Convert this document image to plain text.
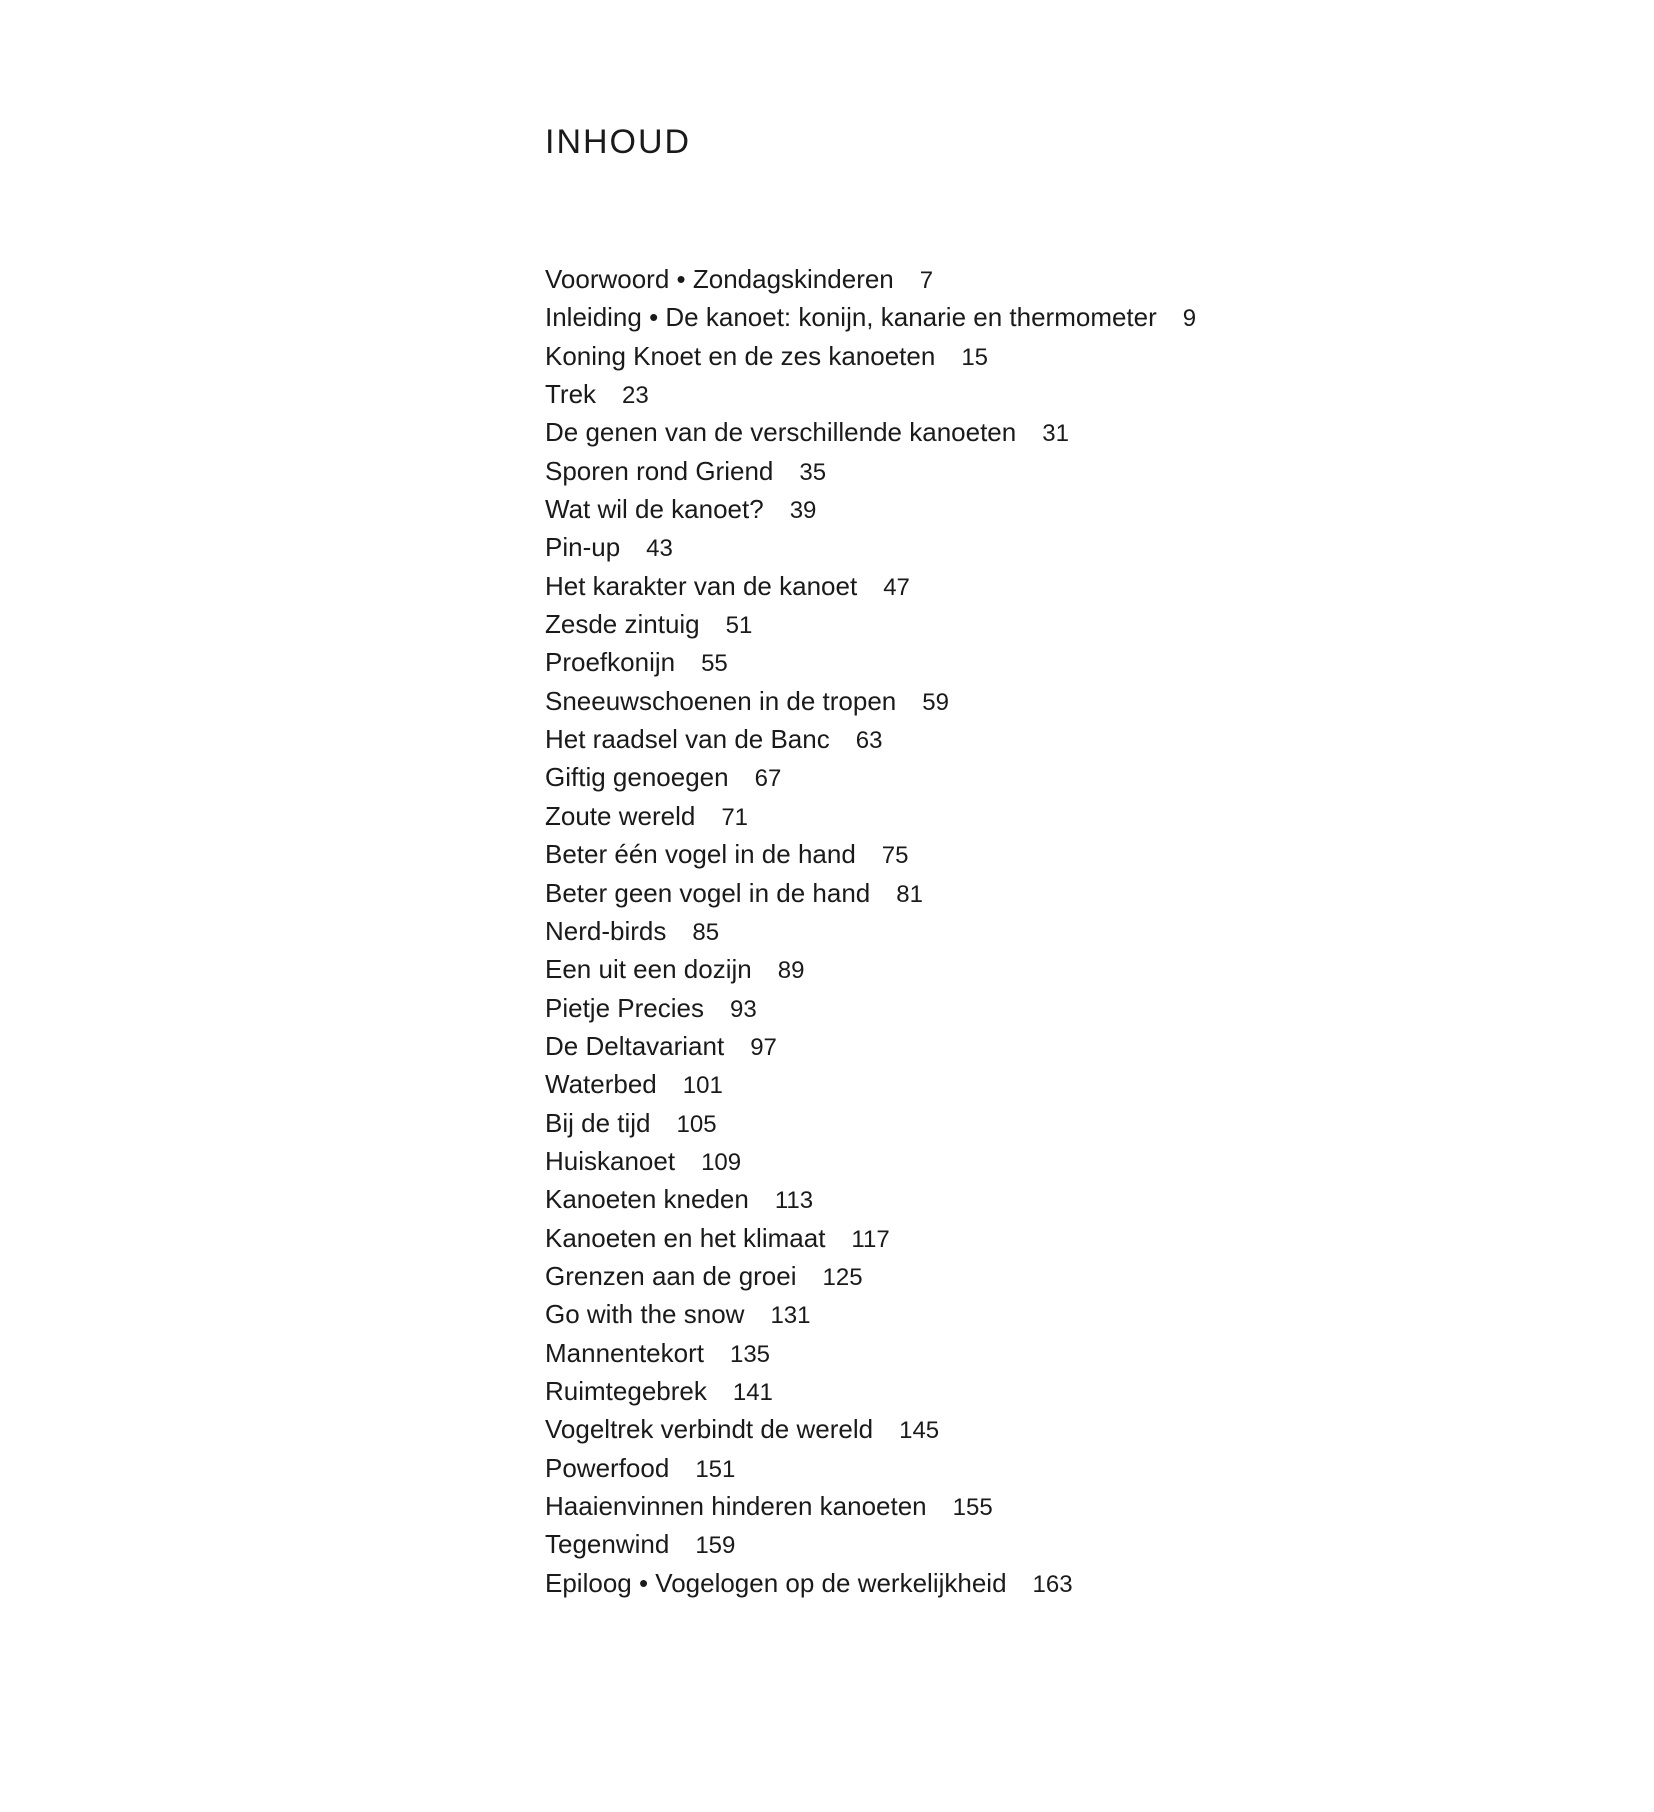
INHOUD
Voorwoord • Zondagskinderen 7
Inleiding • De kanoet: konijn, kanarie en thermometer 9
Koning Knoet en de zes kanoeten 15
Trek 23
De genen van de verschillende kanoeten 31
Sporen rond Griend 35
Wat wil de kanoet? 39
Pin-up 43
Het karakter van de kanoet 47
Zesde zintuig 51
Proefkonijn 55
Sneeuwschoenen in de tropen 59
Het raadsel van de Banc 63
Giftig genoegen 67
Zoute wereld 71
Beter één vogel in de hand 75
Beter geen vogel in de hand 81
Nerd-birds 85
Een uit een dozijn 89
Pietje Precies 93
De Deltavariant 97
Waterbed 101
Bij de tijd 105
Huiskanoet 109
Kanoeten kneden 113
Kanoeten en het klimaat 117
Grenzen aan de groei 125
Go with the snow 131
Mannentekort 135
Ruimtegebrek 141
Vogeltrek verbindt de wereld 145
Powerfood 151
Haaienvinnen hinderen kanoeten 155
Tegenwind 159
Epiloog • Vogelogen op de werkelijkheid 163
